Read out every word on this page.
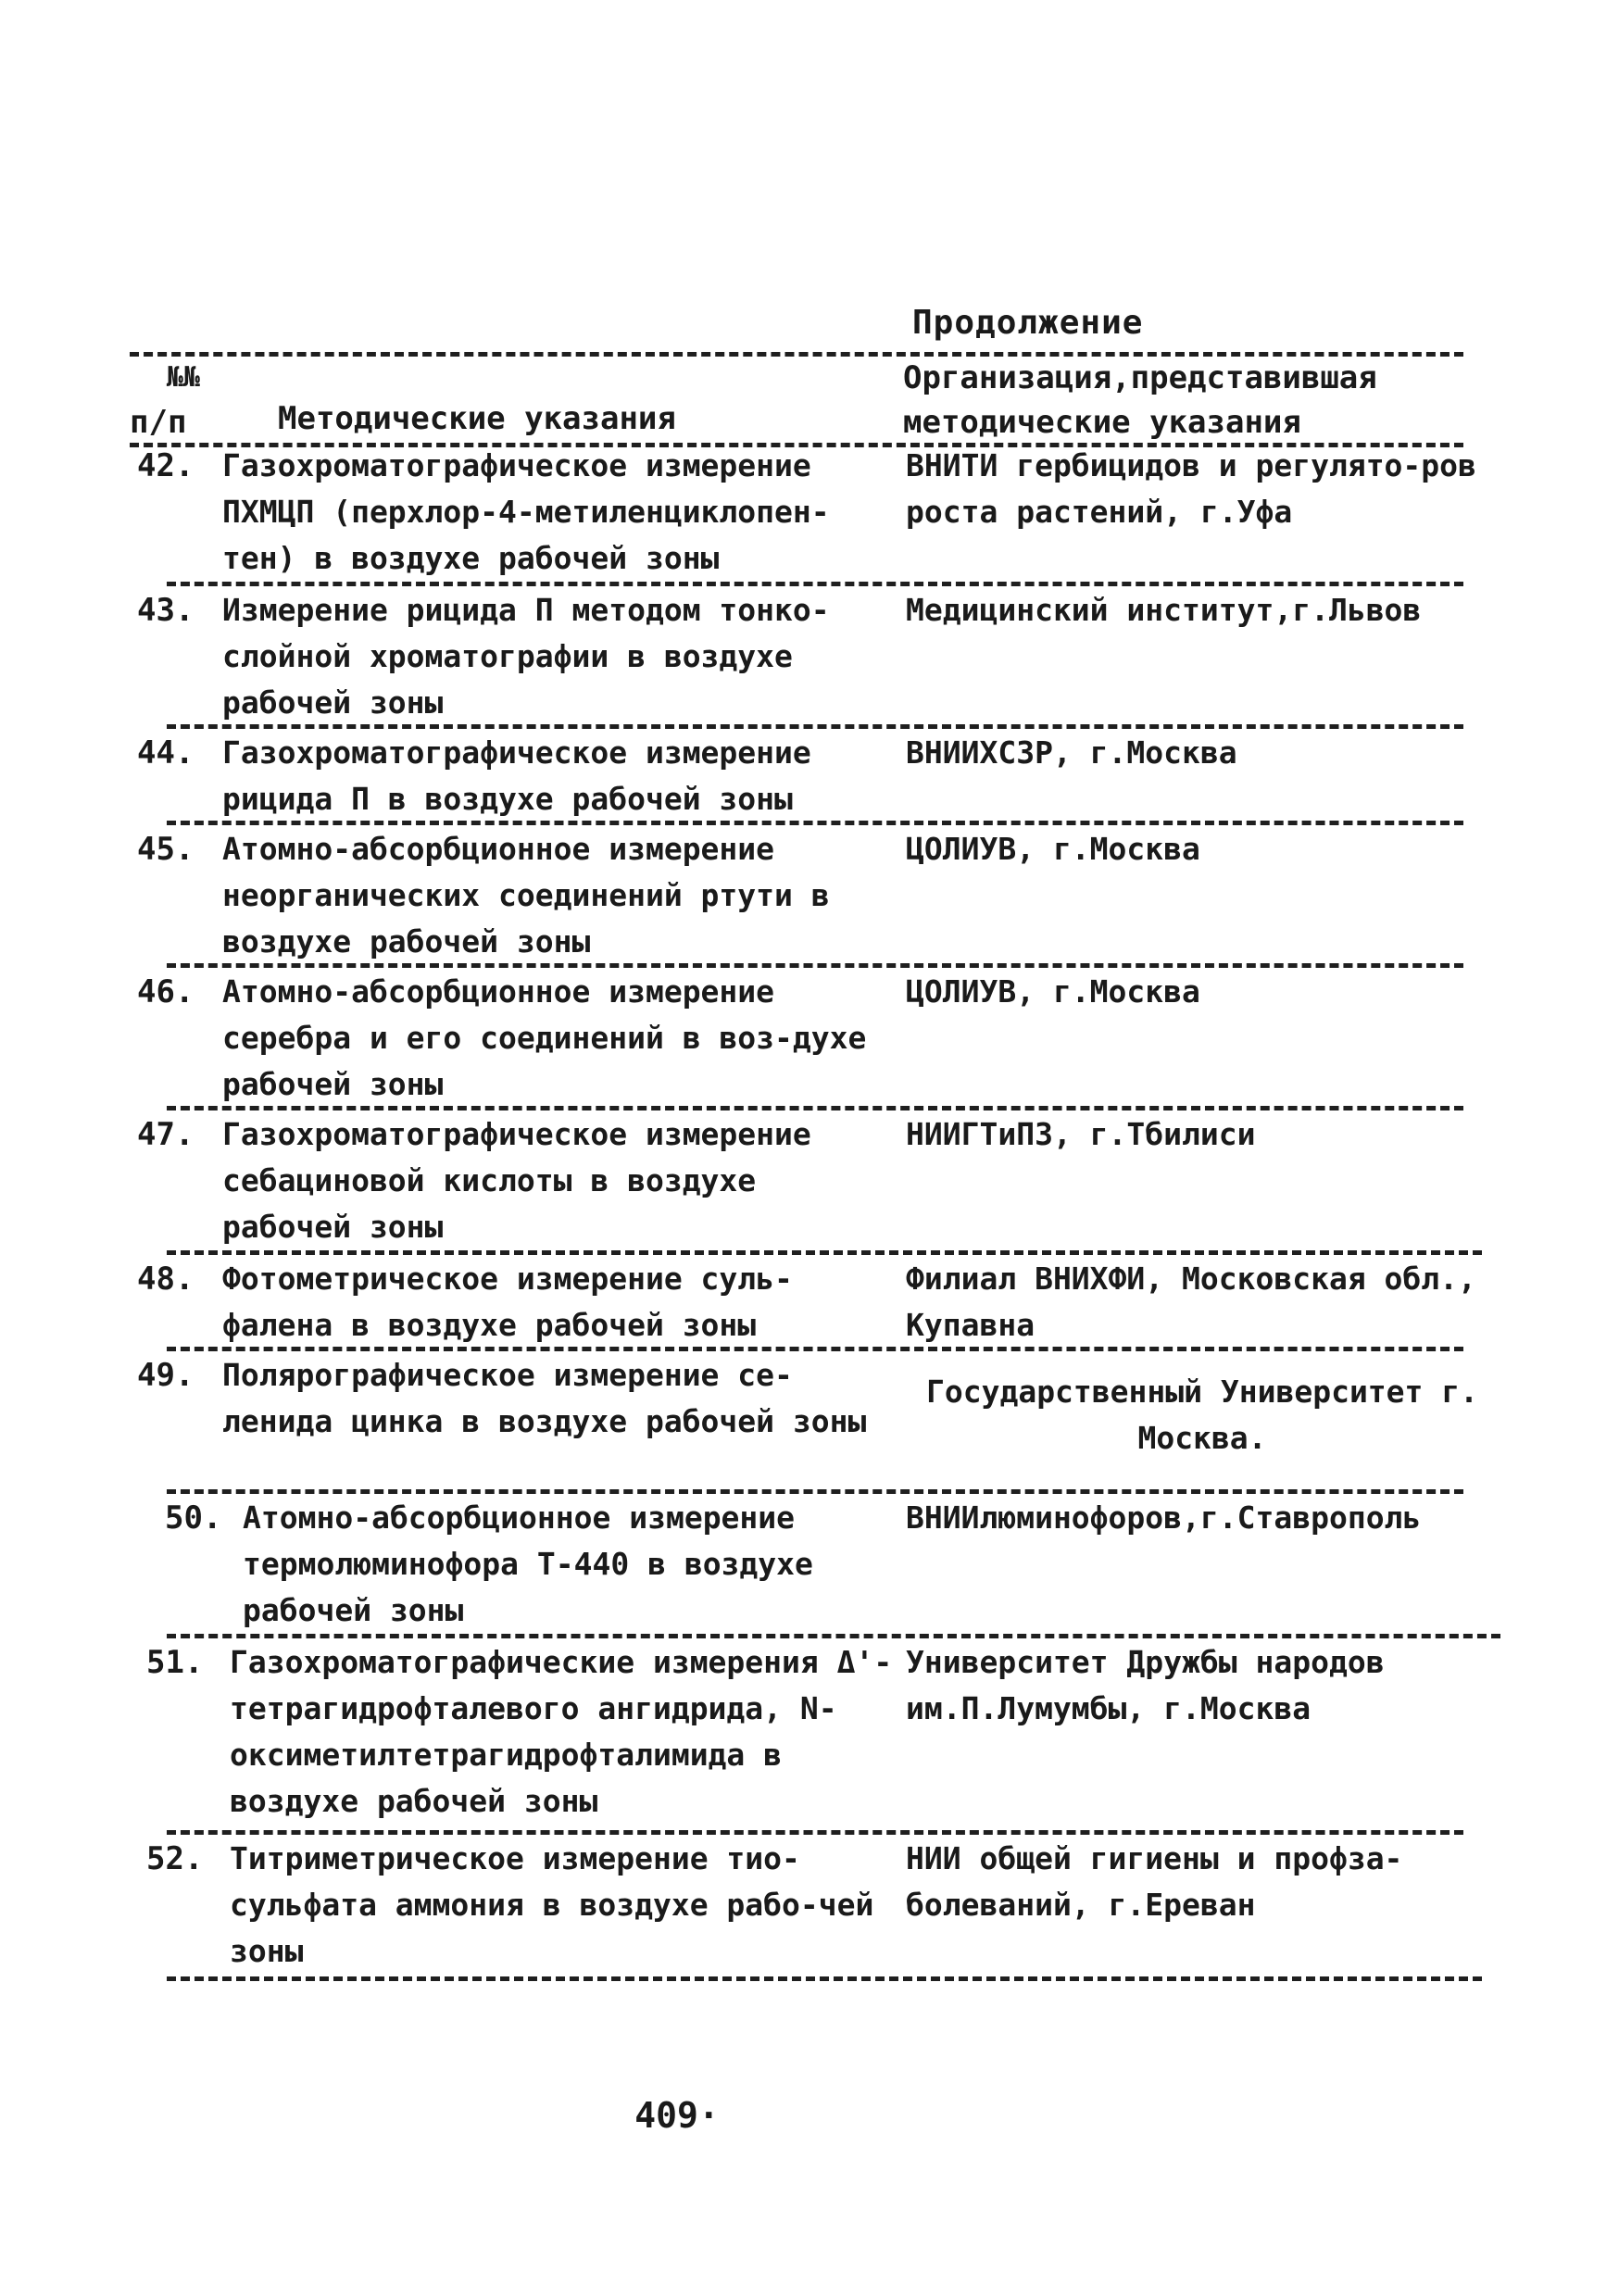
Продолжение
№№
п/п	Методические указания
Организация,представившая методические указания
42. Газохроматографическое измерение ПХМЦП (перхлор-4-метиленциклопен-тен) в воздухе рабочей зоны
ВНИТИ гербицидов и регулято-ров роста растений, г.Уфа
43. Измерение рицида П методом тонко-слойной хроматографии в воздухе рабочей зоны
Медицинский институт,г.Львов
44. Газохроматографическое измерение рицида П в воздухе рабочей зоны
ВНИИХСЗР, г.Москва
45. Атомно-абсорбционное измерение неорганических соединений ртути в воздухе рабочей зоны
ЦОЛИУВ, г.Москва
46. Атомно-абсорбционное измерение серебра и его соединений в воз-духе рабочей зоны
ЦОЛИУВ, г.Москва
47. Газохроматографическое измерение себациновой кислоты в воздухе рабочей зоны
НИИГТиПЗ, г.Тбилиси
48. Фотометрическое измерение суль-фалена в воздухе рабочей зоны
Филиал ВНИХФИ, Московская обл., Купавна
49. Полярографическое измерение се-ленида цинка в воздухе рабочей зоны
Государственный Университет г. Москва.
50. Атомно-абсорбционное измерение термолюминофора Т-440 в воздухе рабочей зоны
ВНИИлюминофоров,г.Ставрополь
51. Газохроматографические измерения Δ'-тетрагидрофталевого ангидрида, N-оксиметилтетрагидрофталимида в воздухе рабочей зоны
Университет Дружбы народов им.П.Лумумбы, г.Москва
52. Титриметрическое измерение тио-сульфата аммония в воздухе рабо-чей зоны
НИИ общей гигиены и профза-болеваний, г.Ереван
409·
